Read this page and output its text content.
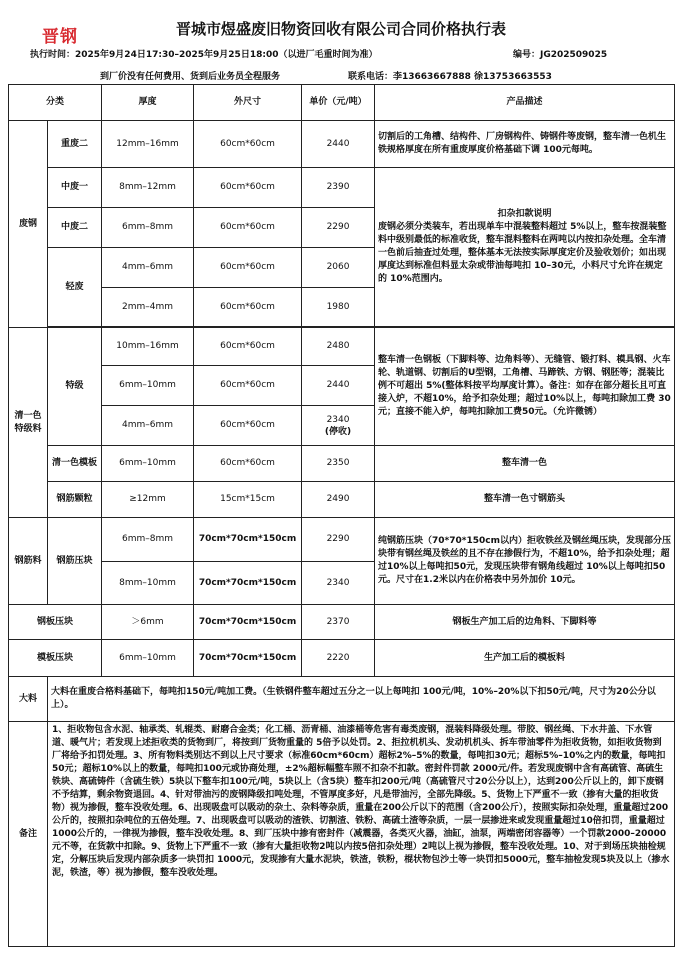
晋钢	晋城市煜盛废旧物资回收有限公司合同价格执行表
执行时间：2025年9月24日17:30–2025年9月25日18:00（以进厂毛重时间为准）	编号：JG202509025
到厂价没有任何费用、货到后业务员全程服务	联系电话：李13663667888 徐13753663553
分类		厚度	外尺寸	单价（元/吨）	产品描述
废钢	重废二	12mm–16mm	60cm*60cm	2440	切割后的工角槽、结构件、厂房钢构件、铸钢件等废钢，整车清一色机生铁规格厚度在所有重废厚度价格基础下调 100元每吨。
	中废一	8mm–12mm	60cm*60cm	2390	扣杂扣款说明
废钢必须分类装车，若出现单车中混装整料超过 5%以上，整车按混装整料中级别最低的标准收货，整车混料整料在两吨以内按扣杂处理。全车清一色前后抽查过处理，整体基本无法按实际厚度定价及验收划价；如出现厚度达到标准但料显太杂或带油每吨扣 10–30元，小料尺寸允许在规定的 10%范围内。

	中废二	6mm–8mm	60cm*60cm	2290	
	轻废	4mm–6mm	60cm*60cm	2060	
		2mm–4mm	60cm*60cm	1980	

清一色特级料	特级	10mm–16mm	60cm*60cm	2480	整车清一色钢板（下脚料等、边角料等）、无缝管、锻打料、模具钢、火车轮、轨道钢、切割后的U型钢，工角槽、马蹄铁、方钢、钢胚等；混装比例不可超出 5%(整体料按平均厚度计算）。备注：如存在部分超长且可直接入炉，不超10%，给予扣杂处理；超过10%以上，每吨扣除加工费 30元；直接不能入炉，每吨扣除加工费50元。（允许微锈）
		6mm–10mm	60cm*60cm	2440	
		4mm–6mm	60cm*60cm	2340
(停收)	

	清一色模板	6mm–10mm	60cm*60cm	2350	整车清一色
	钢筋颗粒	≥12mm	15cm*15cm	2490	整车清一色寸钢筋头
钢筋料	钢筋压块	6mm–8mm	70cm*70cm*150cm	2290	纯钢筋压块（70*70*150cm以内）拒收铁丝及钢丝绳压块，发现部分压块带有钢丝绳及铁丝的且不存在掺假行为，不超10%，给予扣杂处理；超过10%以上每吨扣50元，发现压块带有钢角线超过 10%以上每吨扣50元。尺寸在1.2米以内在价格表中另外加价 10元。
		8mm–10mm	70cm*70cm*150cm	2340	
钢板压块		＞6mm	70cm*70cm*150cm	2370	钢板生产加工后的边角料、下脚料等
模板压块		6mm–10mm	70cm*70cm*150cm	2220	生产加工后的模板料
大料	大料在重废合格料基础下，每吨扣150元/吨加工费。（生铁钢件整车超过五分之一以上每吨扣 100元/吨，10%–20%以下扣50元/吨，尺寸为20公分以上）。				
备注	1、拒收物包含水泥、轴承类、轧辊类、耐磨合金类；化工桶、沥青桶、油漆桶等危害有毒类废钢，混装料降级处理。带胶、钢丝绳、下水井盖、下水管道、暖气片；若发现上述拒收类的货物到厂，将按到厂货物重量的 5倍予以处罚。2、拒拉机机头、发动机机头、拆车带油零件为拒收货物，如拒收货物到厂将给予扣罚处理。3、所有物料类别达不到以上尺寸要求（标准60cm*60cm）超标2%–5%的数量，每吨扣30元；超标5%–10%之内的数量，每吨扣50元；超标10%以上的数量，每吨扣100元或协商处理，±2%超标幅整车照不扣杂不扣款。密封件罚款 2000元/件。若发现废钢中含有高硫管、高硫生铁块、高硫铸件（含硫生铁）5块以下整车扣100元/吨，5块以上（含5块）整车扣200元/吨（高硫管尺寸20公分以上），达到200公斤以上的，卸下废钢不予结算，剩余物资退回。4、针对带油污的废钢降级扣吨处理，不管厚度多好，凡是带油污，全部先降级。5、货物上下严重不一致（掺有大量的拒收货物）视为掺假，整车没收处理。6、出现吸盘可以吸动的杂土、杂料等杂质，重量在200公斤以下的范围（含200公斤），按照实际扣杂处理，重量超过200公斤的，按照扣杂吨位的五倍处理。7、出现吸盘可以吸动的渣铁、切割渣、铁粉、高硫土渣等杂质，一层一层掺进来或发现重量超过10倍扣罚，重量超过1000公斤的，一律视为掺假，整车没收处理。8、到厂压块中掺有密封件（减震器，各类灭火器，油缸，油泵，两端密闭容器等）一个罚款2000–20000元不等，在货款中扣除。9、货物上下严重不一致（掺有大量拒收物2吨以内按5倍扣杂处理）2吨以上视为掺假，整车没收处理。10、对于到场压块抽检规定，分解压块后发现内部杂质多一块罚扣 1000元，发现掺有大量水泥块，铁渣，铁粉，棍状物包沙土等一块罚扣5000元，整车抽检发现5块及以上（掺水泥，铁渣，等）视为掺假，整车没收处理。				
